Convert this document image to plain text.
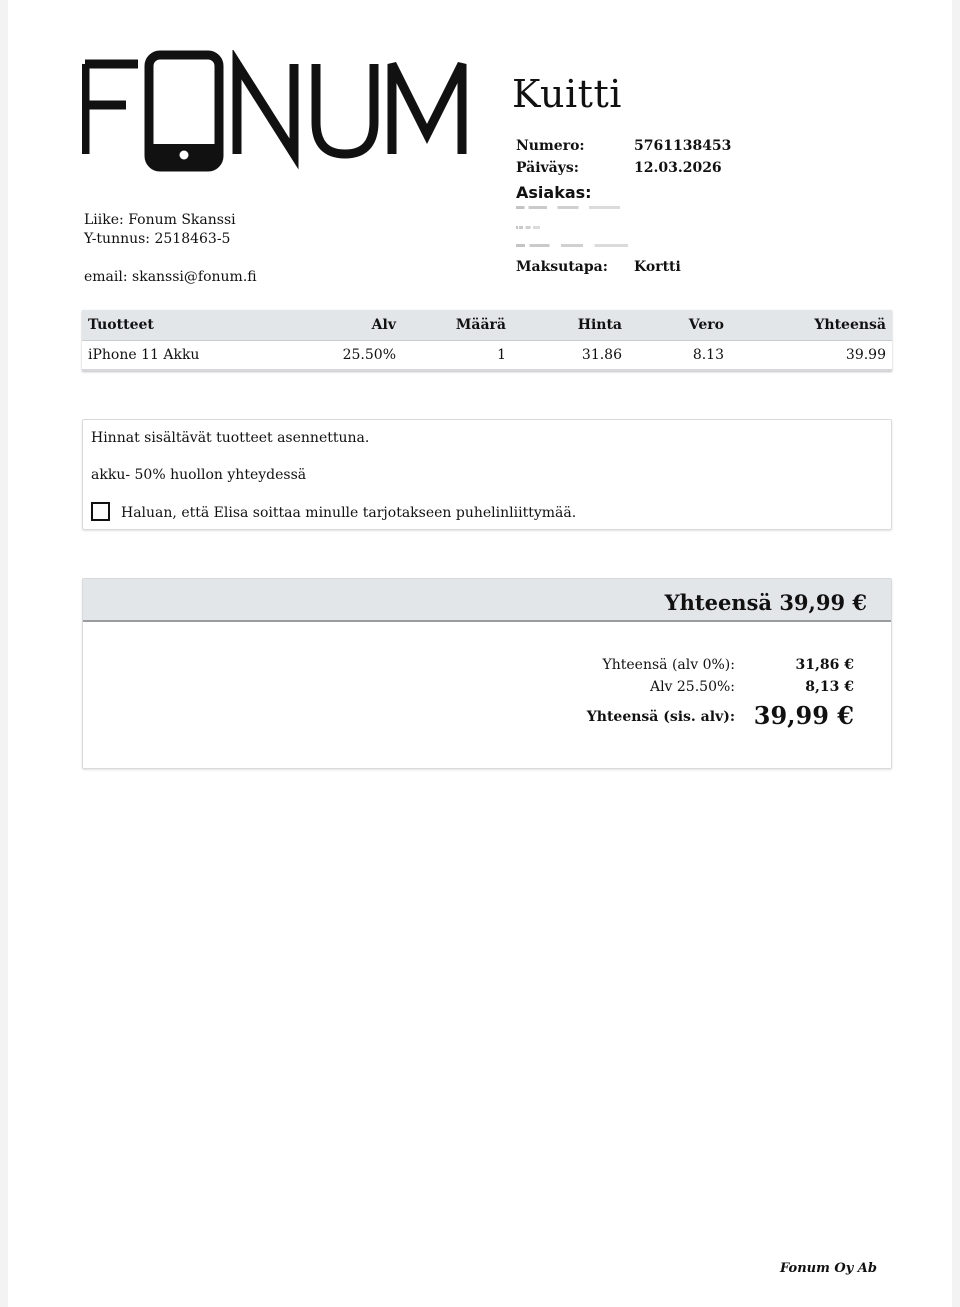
Kuitti
Numero:	5761138453
Päiväys:	12.03.2026
Asiakas:
Maksutapa: Kortti
Liike: Fonum Skanssi
Y-tunnus: 2518463-5
email: skanssi@fonum.fi
Tuotteet	Alv	Määrä	Hinta	Vero	Yhteensä
iPhone 11 Akku	25.50%	1	31.86	8.13	39.99
Hinnat sisältävät tuotteet asennettuna.
akku- 50% huollon yhteydessä
Haluan, että Elisa soittaa minulle tarjotakseen puhelinliittymää.
Yhteensä 39,99 €
Yhteensä (alv 0%):	31,86 €
Alv 25.50%:	8,13 €
Yhteensä (sis. alv): 39,99 €
Fonum Oy Ab
